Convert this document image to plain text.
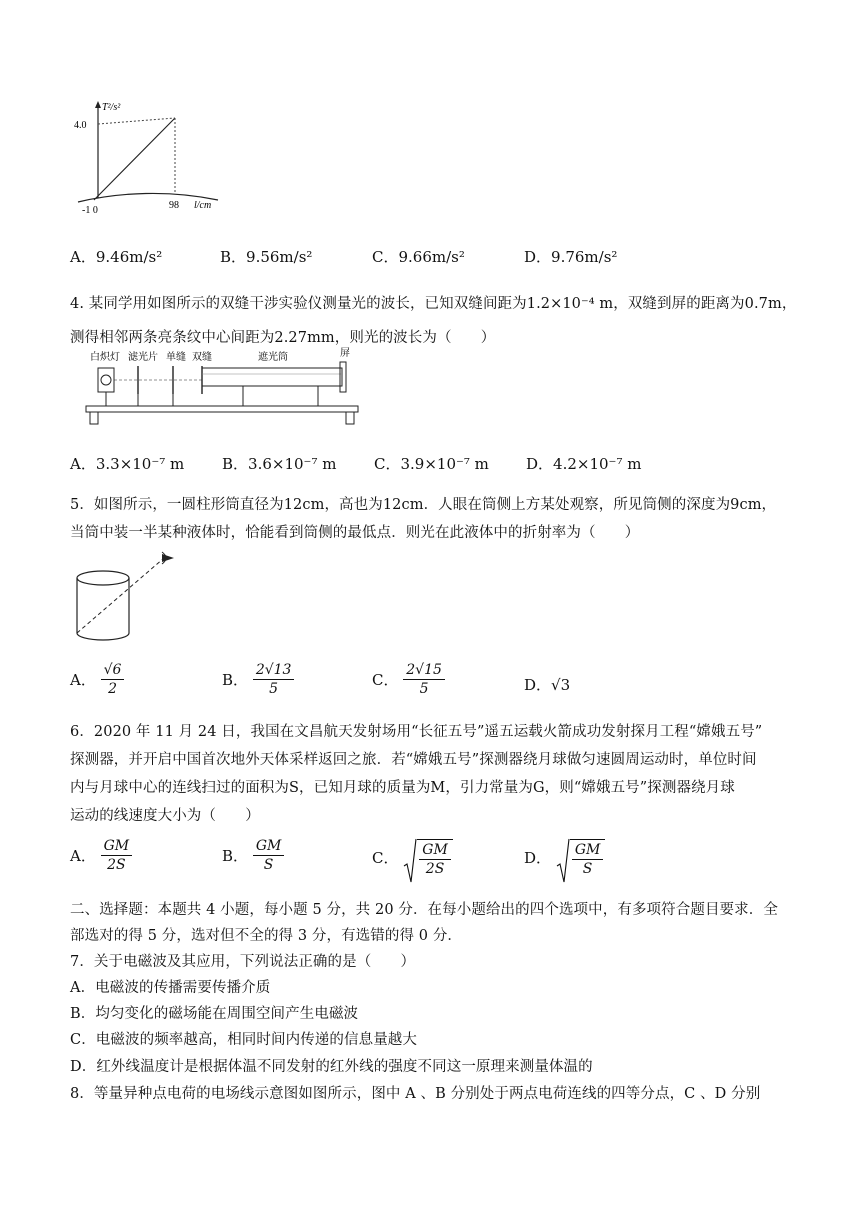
T²/s²
4.0
-1 0	98 l/cm
A．9.46m/s²	B．9.56m/s²	C．9.66m/s²	D．9.76m/s²
4. 某同学用如图所示的双缝干涉实验仪测量光的波长，已知双缝间距为1.2×10⁻⁴ m，双缝到屏的距离为0.7m，
测得相邻两条亮条纹中心间距为2.27mm，则光的波长为（　　）
白炽灯 滤光片 单缝 双缝	遮光筒	屏
A．3.3×10⁻⁷ m	B．3.6×10⁻⁷ m	C．3.9×10⁻⁷ m D．4.2×10⁻⁷ m
5．如图所示，一圆柱形筒直径为12cm，高也为12cm．人眼在筒侧上方某处观察，所见筒侧的深度为9cm，
当筒中装一半某种液体时，恰能看到筒侧的最低点．则光在此液体中的折射率为（　　）
A． $\frac{√6}{2}$	B． $\frac{2√13}{5}$	C． $\frac{2√15}{5}$	D．√3
6．2020 年 11 月 24 日，我国在文昌航天发射场用“长征五号”遥五运载火箭成功发射探月工程“嫦娥五号”
探测器，并开启中国首次地外天体采样返回之旅．若“嫦娥五号”探测器绕月球做匀速圆周运动时，单位时间
内与月球中心的连线扫过的面积为S，已知月球的质量为M，引力常量为G，则“嫦娥五号”探测器绕月球
运动的线速度大小为（　　）
A． $\frac{GM}{2S}$	B． $\frac{GM}{S}$	C． $\frac{GM}{2S}$	D． $\frac{GM}{S}$
二、选择题：本题共 4 小题，每小题 5 分，共 20 分．在每小题给出的四个选项中，有多项符合题目要求．全
部选对的得 5 分，选对但不全的得 3 分，有选错的得 0 分．
7．关于电磁波及其应用，下列说法正确的是（　　）
A．电磁波的传播需要传播介质
B．均匀变化的磁场能在周围空间产生电磁波
C．电磁波的频率越高，相同时间内传递的信息量越大
D．红外线温度计是根据体温不同发射的红外线的强度不同这一原理来测量体温的
8．等量异种点电荷的电场线示意图如图所示，图中 A 、B 分别处于两点电荷连线的四等分点，C 、D 分别
